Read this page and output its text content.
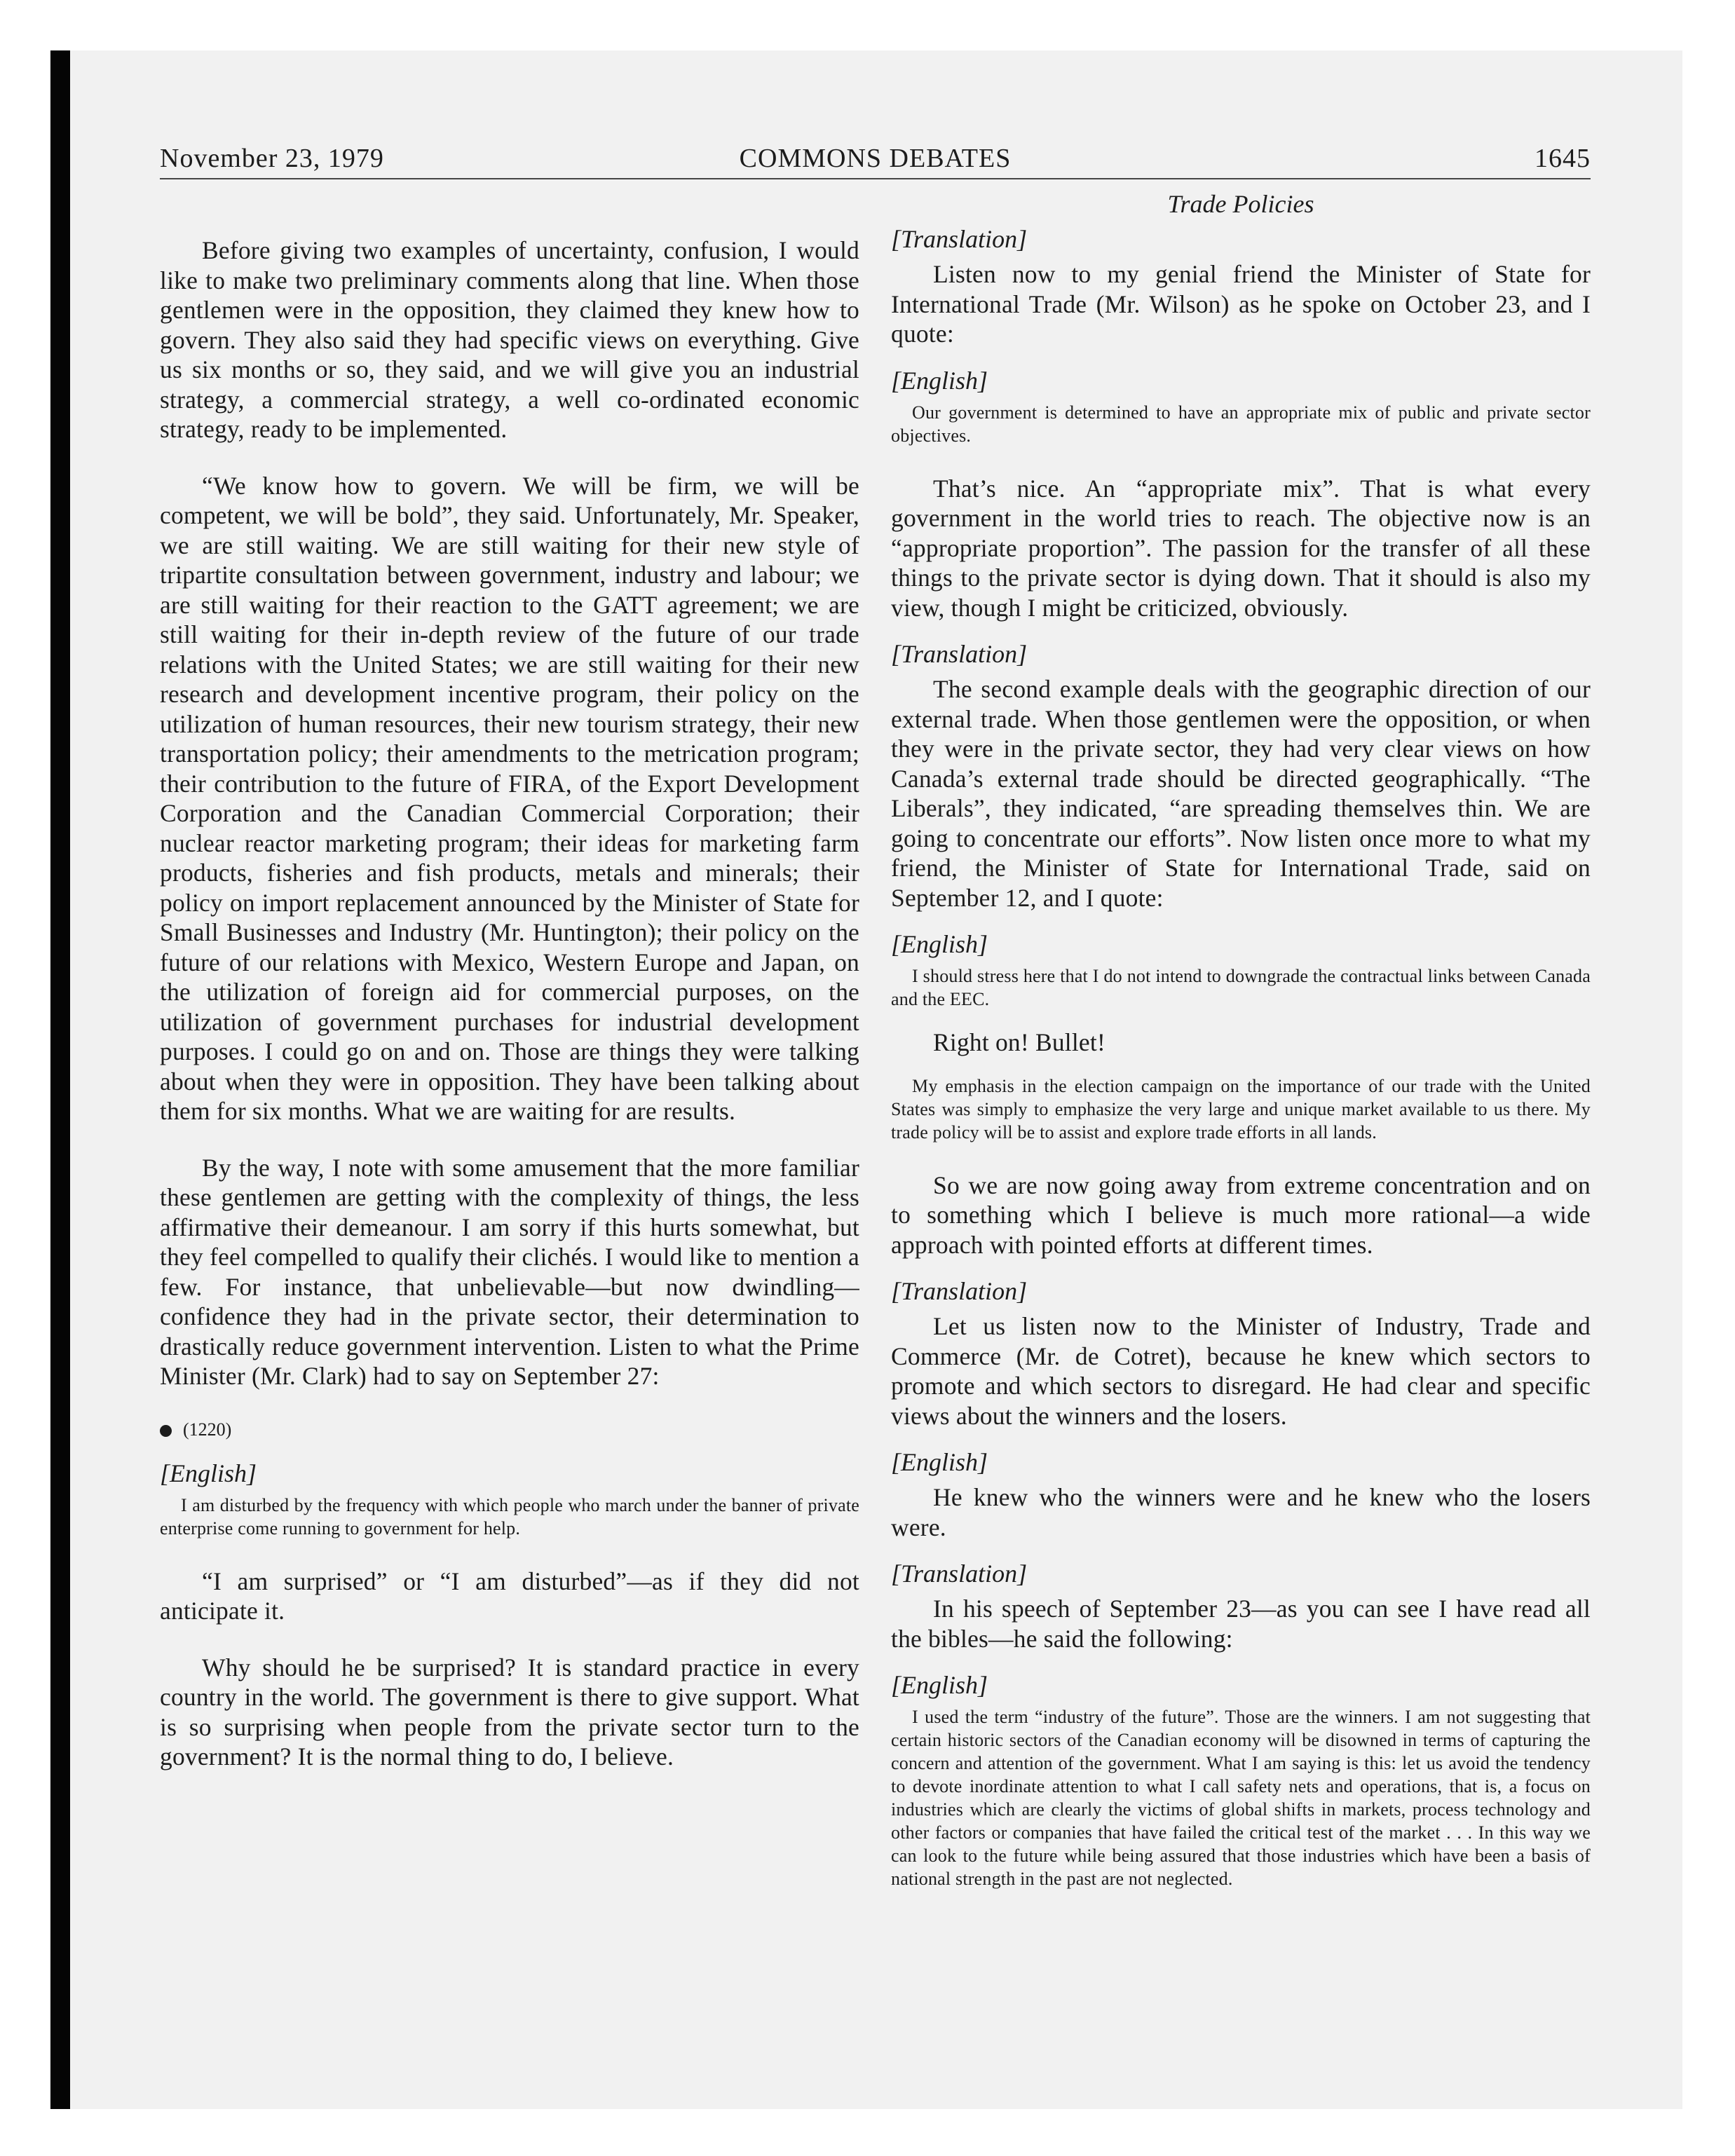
November 23, 1979	COMMONS DEBATES	1645

Before giving two examples of uncertainty, confusion, I would like to make two preliminary comments along that line. When those gentlemen were in the opposition, they claimed they knew how to govern. They also said they had specific views on everything. Give us six months or so, they said, and we will give you an industrial strategy, a commercial strategy, a well co-ordinated economic strategy, ready to be implemented.

“We know how to govern. We will be firm, we will be competent, we will be bold”, they said. Unfortunately, Mr. Speaker, we are still waiting. We are still waiting for their new style of tripartite consultation between government, industry and labour; we are still waiting for their reaction to the GATT agreement; we are still waiting for their in-depth review of the future of our trade relations with the United States; we are still waiting for their new research and development incentive program, their policy on the utilization of human resources, their new tourism strategy, their new transportation policy; their amendments to the metrication program; their contribution to the future of FIRA, of the Export Development Corporation and the Canadian Commercial Corporation; their nuclear reactor marketing program; their ideas for marketing farm products, fisheries and fish products, metals and minerals; their policy on import replacement announced by the Minister of State for Small Businesses and Industry (Mr. Huntington); their policy on the future of our relations with Mexico, Western Europe and Japan, on the utilization of foreign aid for commercial purposes, on the utilization of government purchases for industrial development purposes. I could go on and on. Those are things they were talking about when they were in opposition. They have been talking about them for six months. What we are waiting for are results.

By the way, I note with some amusement that the more familiar these gentlemen are getting with the complexity of things, the less affirmative their demeanour. I am sorry if this hurts somewhat, but they feel compelled to qualify their clichés. I would like to mention a few. For instance, that unbelievable—but now dwindling—confidence they had in the private sector, their determination to drastically reduce government intervention. Listen to what the Prime Minister (Mr. Clark) had to say on September 27:

(1220)

[English]

I am disturbed by the frequency with which people who march under the banner of private enterprise come running to government for help.

“I am surprised” or “I am disturbed”—as if they did not anticipate it.

Why should he be surprised? It is standard practice in every country in the world. The government is there to give support. What is so surprising when people from the private sector turn to the government? It is the normal thing to do, I believe.

Trade Policies

[Translation]

Listen now to my genial friend the Minister of State for International Trade (Mr. Wilson) as he spoke on October 23, and I quote:

[English]

Our government is determined to have an appropriate mix of public and private sector objectives.

That’s nice. An “appropriate mix”. That is what every government in the world tries to reach. The objective now is an “appropriate proportion”. The passion for the transfer of all these things to the private sector is dying down. That it should is also my view, though I might be criticized, obviously.

[Translation]

The second example deals with the geographic direction of our external trade. When those gentlemen were the opposition, or when they were in the private sector, they had very clear views on how Canada’s external trade should be directed geographically. “The Liberals”, they indicated, “are spreading themselves thin. We are going to concentrate our efforts”. Now listen once more to what my friend, the Minister of State for International Trade, said on September 12, and I quote:

[English]

I should stress here that I do not intend to downgrade the contractual links between Canada and the EEC.

Right on! Bullet!

My emphasis in the election campaign on the importance of our trade with the United States was simply to emphasize the very large and unique market available to us there. My trade policy will be to assist and explore trade efforts in all lands.

So we are now going away from extreme concentration and on to something which I believe is much more rational—a wide approach with pointed efforts at different times.

[Translation]

Let us listen now to the Minister of Industry, Trade and Commerce (Mr. de Cotret), because he knew which sectors to promote and which sectors to disregard. He had clear and specific views about the winners and the losers.

[English]

He knew who the winners were and he knew who the losers were.

[Translation]

In his speech of September 23—as you can see I have read all the bibles—he said the following:

[English]

I used the term “industry of the future”. Those are the winners. I am not suggesting that certain historic sectors of the Canadian economy will be disowned in terms of capturing the concern and attention of the government. What I am saying is this: let us avoid the tendency to devote inordinate attention to what I call safety nets and operations, that is, a focus on industries which are clearly the victims of global shifts in markets, process technology and other factors or companies that have failed the critical test of the market . . . In this way we can look to the future while being assured that those industries which have been a basis of national strength in the past are not neglected.
